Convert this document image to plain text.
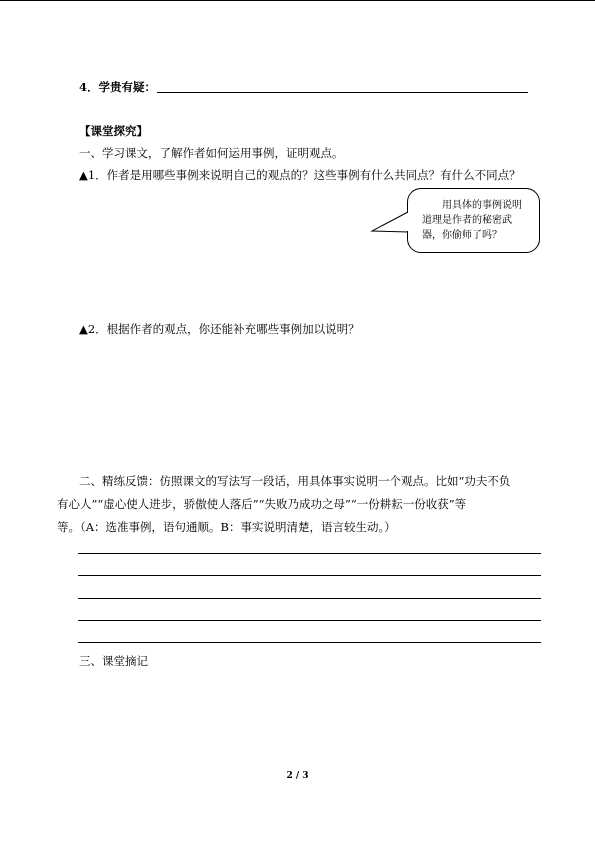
4．学贵有疑：
【课堂探究】
一、学习课文，了解作者如何运用事例，证明观点。
▲1．作者是用哪些事例来说明自己的观点的？这些事例有什么共同点？有什么不同点？
用具体的事例说明
道理是作者的秘密武
器，你偷师了吗？
▲2．根据作者的观点，你还能补充哪些事例加以说明？
二、精练反馈：仿照课文的写法写一段话，用具体事实说明一个观点。比如“功夫不负
有心人”“虚心使人进步，骄傲使人落后”“失败乃成功之母”“一份耕耘一份收获”等
等。（A：选准事例，语句通顺。B：事实说明清楚，语言较生动。）
三、课堂摘记
2 / 3
